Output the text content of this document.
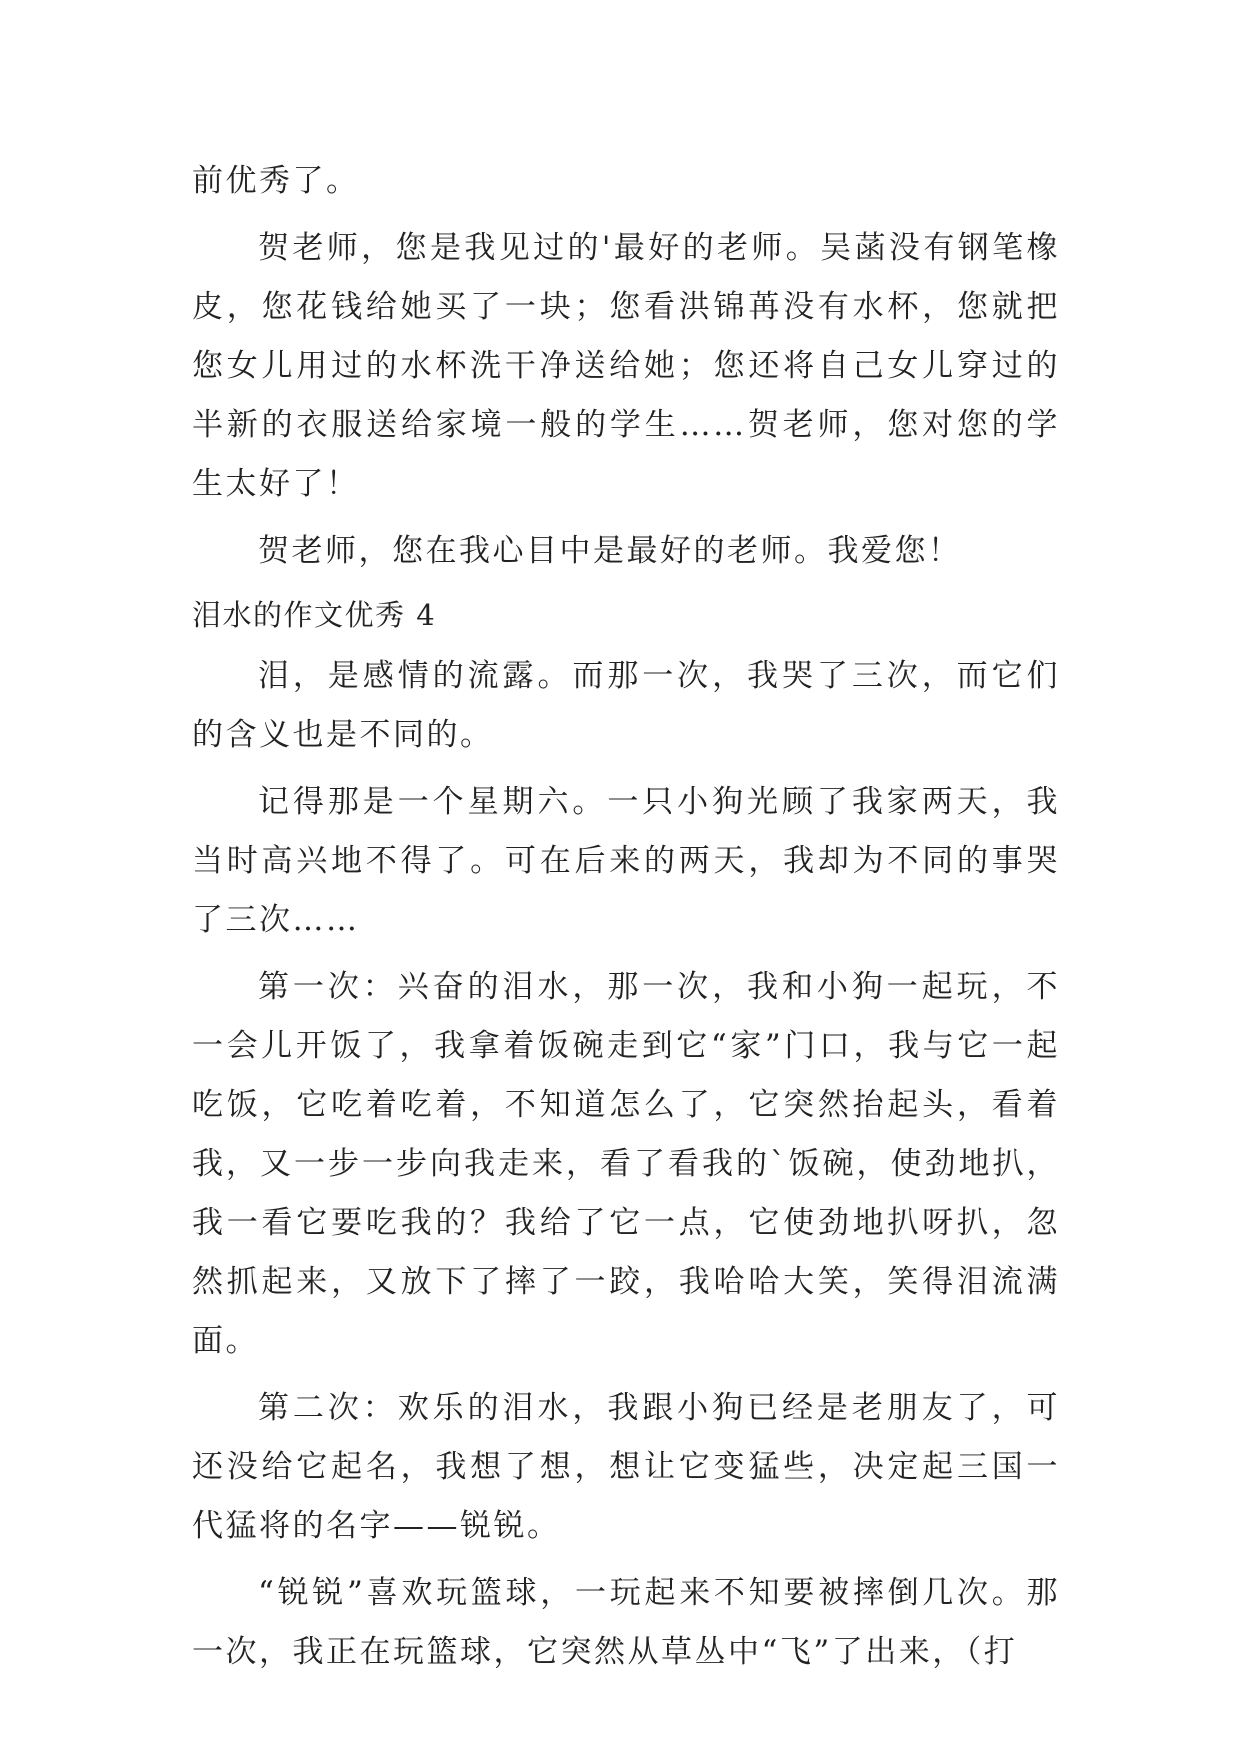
前优秀了。

贺老师，您是我见过的'最好的老师。吴菡没有钢笔橡皮，您花钱给她买了一块；您看洪锦苒没有水杯，您就把您女儿用过的水杯洗干净送给她；您还将自己女儿穿过的半新的衣服送给家境一般的学生……贺老师，您对您的学生太好了！

贺老师，您在我心目中是最好的老师。我爱您！

泪水的作文优秀 4

泪，是感情的流露。而那一次，我哭了三次，而它们的含义也是不同的。

记得那是一个星期六。一只小狗光顾了我家两天，我当时高兴地不得了。可在后来的两天，我却为不同的事哭了三次……

第一次：兴奋的泪水，那一次，我和小狗一起玩，不一会儿开饭了，我拿着饭碗走到它“家”门口，我与它一起吃饭，它吃着吃着，不知道怎么了，它突然抬起头，看着我，又一步一步向我走来，看了看我的`饭碗，使劲地扒，我一看它要吃我的？我给了它一点，它使劲地扒呀扒，忽然抓起来，又放下了摔了一跤，我哈哈大笑，笑得泪流满面。

第二次：欢乐的泪水，我跟小狗已经是老朋友了，可还没给它起名，我想了想，想让它变猛些，决定起三国一代猛将的名字——锐锐。

“锐锐”喜欢玩篮球，一玩起来不知要被摔倒几次。那一次，我正在玩篮球，它突然从草丛中“飞”了出来，（打
